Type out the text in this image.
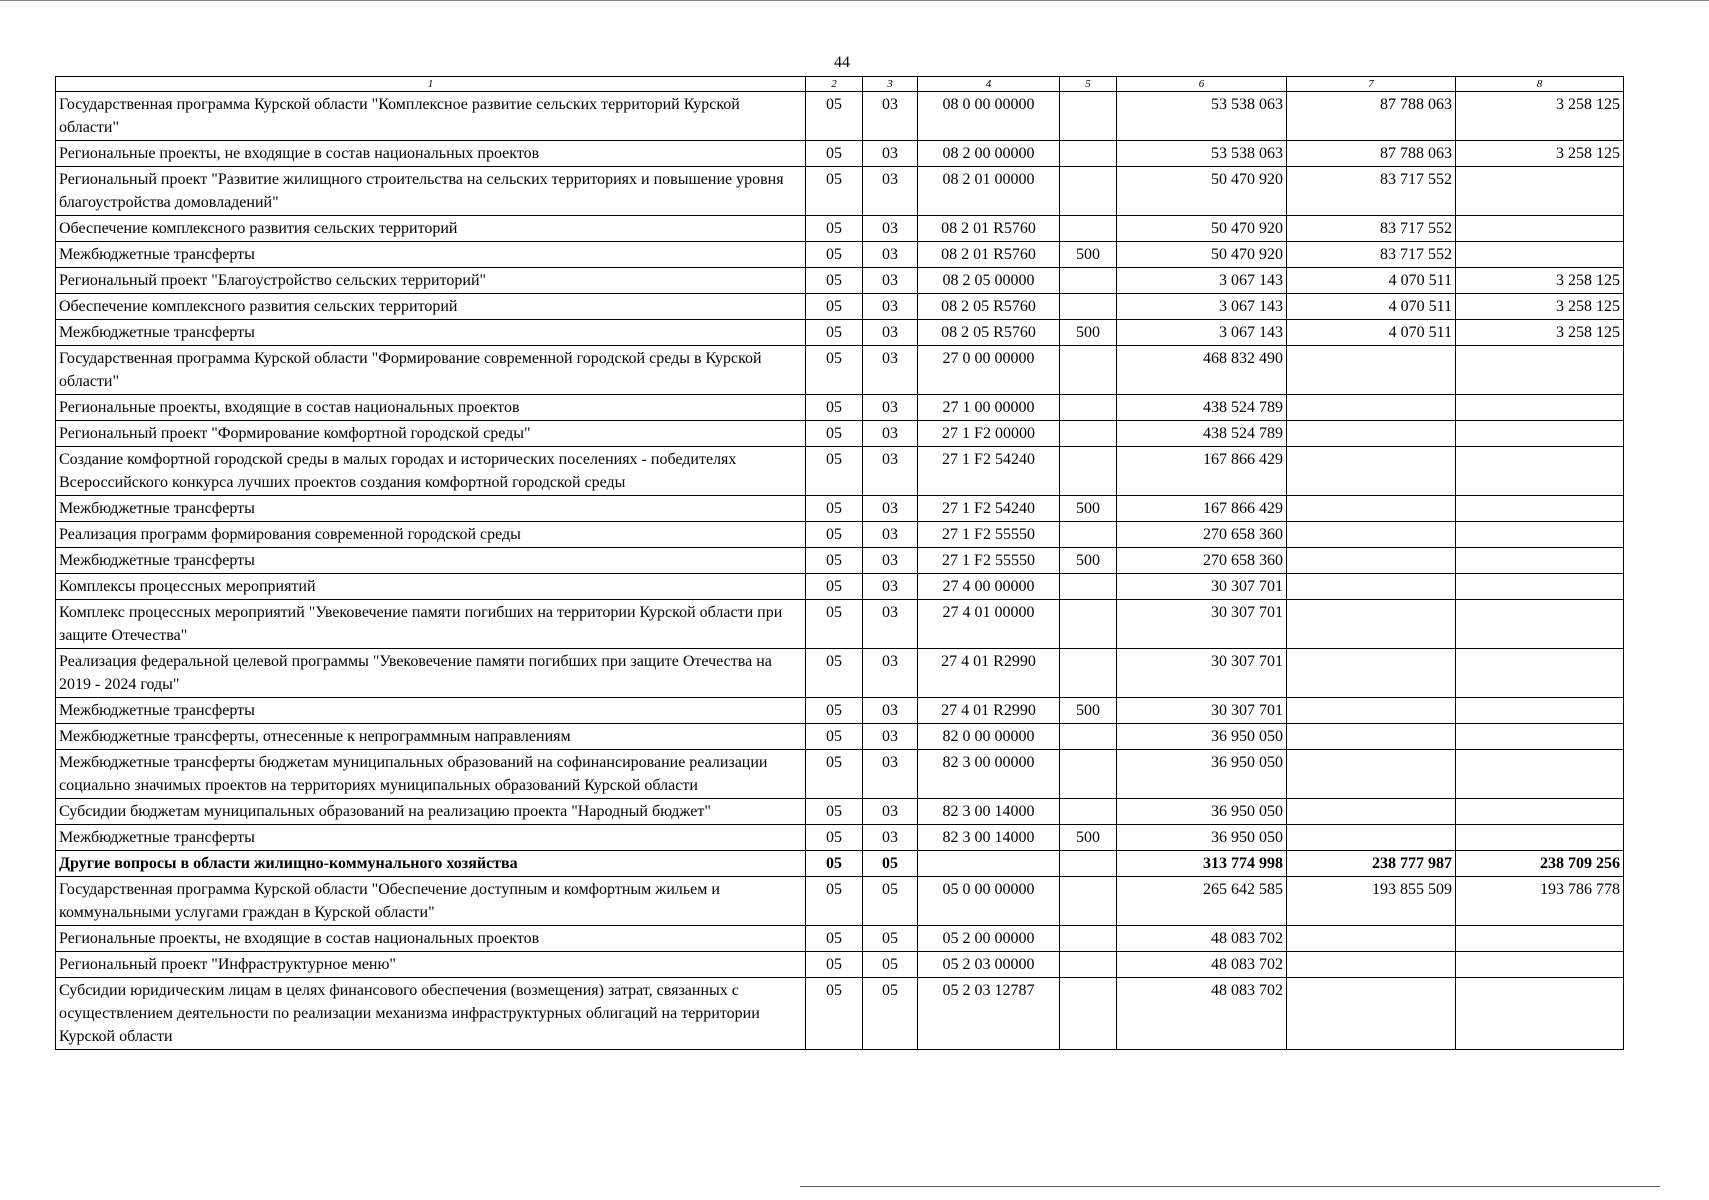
44
1	2	3	4	5	6	7	8
Государственная программа Курской области "Комплексное развитие сельских территорий Курской области"	05	03	08 0 00 00000		53 538 063	87 788 063	3 258 125
Региональные проекты, не входящие в состав национальных проектов	05	03	08 2 00 00000		53 538 063	87 788 063	3 258 125
Региональный проект "Развитие жилищного строительства на сельских территориях и повышение уровня благоустройства домовладений"	05	03	08 2 01 00000		50 470 920	83 717 552	
Обеспечение комплексного развития сельских территорий	05	03	08 2 01 R5760		50 470 920	83 717 552	
Межбюджетные трансферты	05	03	08 2 01 R5760	500	50 470 920	83 717 552	
Региональный проект "Благоустройство сельских территорий"	05	03	08 2 05 00000		3 067 143	4 070 511	3 258 125
Обеспечение комплексного развития сельских территорий	05	03	08 2 05 R5760		3 067 143	4 070 511	3 258 125
Межбюджетные трансферты	05	03	08 2 05 R5760	500	3 067 143	4 070 511	3 258 125
Государственная программа Курской области "Формирование современной городской среды в Курской области"	05	03	27 0 00 00000		468 832 490		
Региональные проекты, входящие в состав национальных проектов	05	03	27 1 00 00000		438 524 789		
Региональный проект "Формирование комфортной городской среды"	05	03	27 1 F2 00000		438 524 789		
Создание комфортной городской среды в малых городах и исторических поселениях - победителях Всероссийского конкурса лучших проектов создания комфортной городской среды	05	03	27 1 F2 54240		167 866 429		
Межбюджетные трансферты	05	03	27 1 F2 54240	500	167 866 429		
Реализация программ формирования современной городской среды	05	03	27 1 F2 55550		270 658 360		
Межбюджетные трансферты	05	03	27 1 F2 55550	500	270 658 360		
Комплексы процессных мероприятий	05	03	27 4 00 00000		30 307 701		
Комплекс процессных мероприятий "Увековечение памяти погибших на территории Курской области при защите Отечества"	05	03	27 4 01 00000		30 307 701		
Реализация федеральной целевой программы "Увековечение памяти погибших при защите Отечества на 2019 - 2024 годы"	05	03	27 4 01 R2990		30 307 701		
Межбюджетные трансферты	05	03	27 4 01 R2990	500	30 307 701		
Межбюджетные трансферты, отнесенные к непрограммным направлениям	05	03	82 0 00 00000		36 950 050		
Межбюджетные трансферты бюджетам муниципальных образований на софинансирование реализации социально значимых проектов на территориях муниципальных образований Курской области	05	03	82 3 00 00000		36 950 050		
Субсидии бюджетам муниципальных образований на реализацию проекта "Народный бюджет"	05	03	82 3 00 14000		36 950 050		
Межбюджетные трансферты	05	03	82 3 00 14000	500	36 950 050		
Другие вопросы в области жилищно-коммунального хозяйства	05	05			313 774 998	238 777 987	238 709 256
Государственная программа Курской области "Обеспечение доступным и комфортным жильем и коммунальными услугами граждан в Курской области"	05	05	05 0 00 00000		265 642 585	193 855 509	193 786 778
Региональные проекты, не входящие в состав национальных проектов	05	05	05 2 00 00000		48 083 702		
Региональный проект "Инфраструктурное меню"	05	05	05 2 03 00000		48 083 702		
Субсидии юридическим лицам в целях финансового обеспечения (возмещения) затрат, связанных с осуществлением деятельности по реализации механизма инфраструктурных облигаций на территории Курской области	05	05	05 2 03 12787		48 083 702		
